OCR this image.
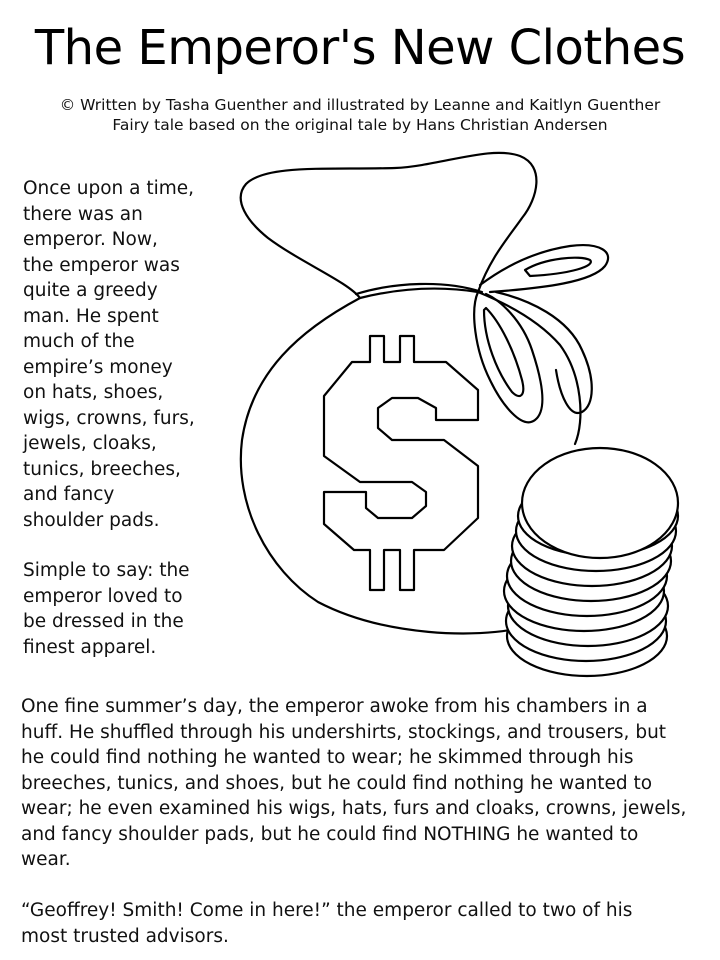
The Emperor's New Clothes
© Written by Tasha Guenther and illustrated by Leanne and Kaitlyn Guenther
Fairy tale based on the original tale by Hans Christian Andersen

Once upon a time,
there was an
emperor. Now,
the emperor was
quite a greedy
man. He spent
much of the
empire’s money
on hats, shoes,
wigs, crowns, furs,
jewels, cloaks,
tunics, breeches,
and fancy
shoulder pads.

Simple to say: the
emperor loved to
be dressed in the
finest apparel.

One fine summer’s day, the emperor awoke from his chambers in a
huff. He shuffled through his undershirts, stockings, and trousers, but
he could find nothing he wanted to wear; he skimmed through his
breeches, tunics, and shoes, but he could find nothing he wanted to
wear; he even examined his wigs, hats, furs and cloaks, crowns, jewels,
and fancy shoulder pads, but he could find NOTHING he wanted to
wear.

“Geoffrey! Smith! Come in here!” the emperor called to two of his
most trusted advisors.
